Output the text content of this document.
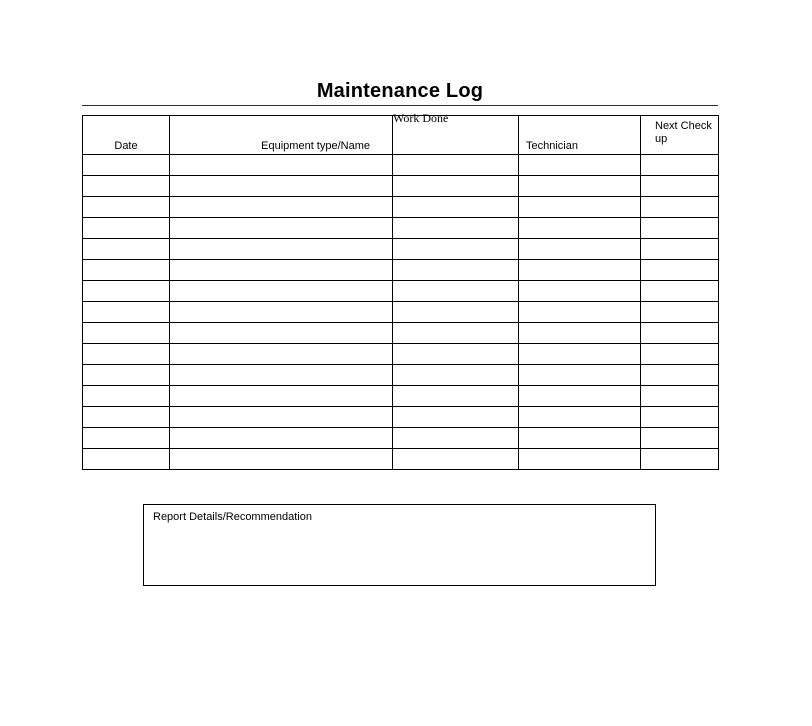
Maintenance Log
Date	Equipment type/Name	Work Done	Technician	Next Check up

Report Details/Recommendation
